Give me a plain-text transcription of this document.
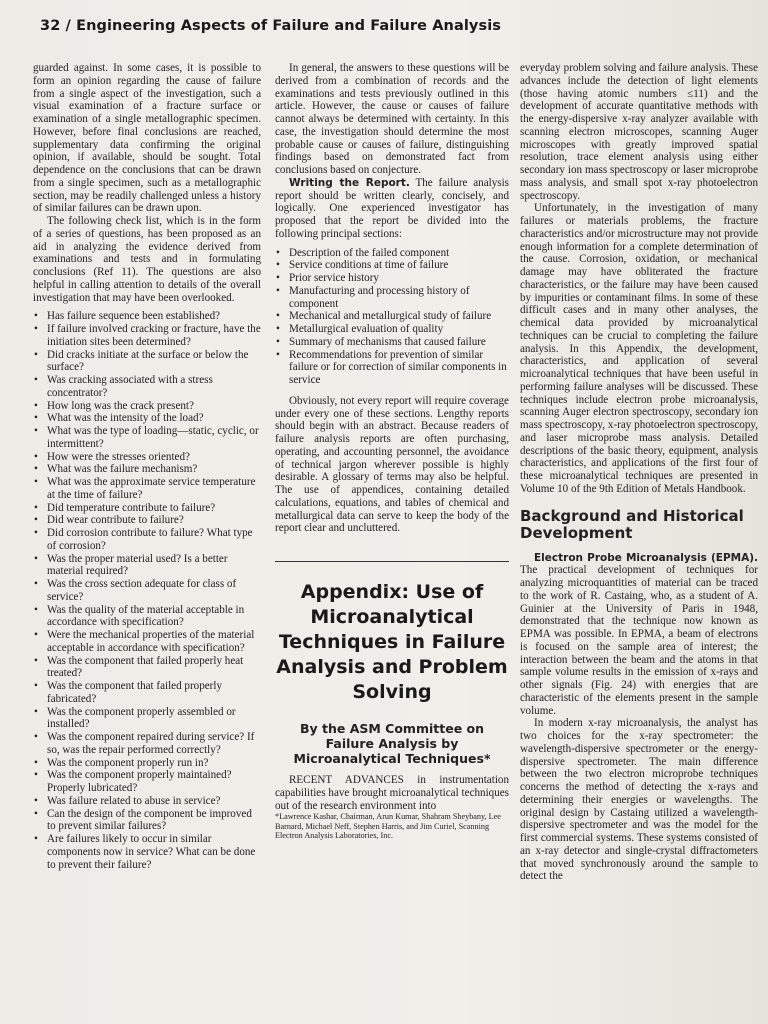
32 / Engineering Aspects of Failure and Failure Analysis

guarded against. In some cases, it is possible to form an opinion regarding the cause of failure from a single aspect of the investigation, such a visual examination of a fracture surface or examination of a single metallographic specimen. However, before final conclusions are reached, supplementary data confirming the original opinion, if available, should be sought. Total dependence on the conclusions that can be drawn from a single specimen, such as a metallographic section, may be readily challenged unless a history of similar failures can be drawn upon.

The following check list, which is in the form of a series of questions, has been proposed as an aid in analyzing the evidence derived from examinations and tests and in formulating conclusions (Ref 11). The questions are also helpful in calling attention to details of the overall investigation that may have been overlooked.

• Has failure sequence been established?
• If failure involved cracking or fracture, have the initiation sites been determined?
• Did cracks initiate at the surface or below the surface?
• Was cracking associated with a stress concentrator?
• How long was the crack present?
• What was the intensity of the load?
• What was the type of loading—static, cyclic, or intermittent?
• How were the stresses oriented?
• What was the failure mechanism?
• What was the approximate service temperature at the time of failure?
• Did temperature contribute to failure?
• Did wear contribute to failure?
• Did corrosion contribute to failure? What type of corrosion?
• Was the proper material used? Is a better material required?
• Was the cross section adequate for class of service?
• Was the quality of the material acceptable in accordance with specification?
• Were the mechanical properties of the material acceptable in accordance with specification?
• Was the component that failed properly heat treated?
• Was the component that failed properly fabricated?
• Was the component properly assembled or installed?
• Was the component repaired during service? If so, was the repair performed correctly?
• Was the component properly run in?
• Was the component properly maintained? Properly lubricated?
• Was failure related to abuse in service?
• Can the design of the component be improved to prevent similar failures?
• Are failures likely to occur in similar components now in service? What can be done to prevent their failure?

In general, the answers to these questions will be derived from a combination of records and the examinations and tests previously outlined in this article. However, the cause or causes of failure cannot always be determined with certainty. In this case, the investigation should determine the most probable cause or causes of failure, distinguishing findings based on demonstrated fact from conclusions based on conjecture.

Writing the Report. The failure analysis report should be written clearly, concisely, and logically. One experienced investigator has proposed that the report be divided into the following principal sections:

• Description of the failed component
• Service conditions at time of failure
• Prior service history
• Manufacturing and processing history of component
• Mechanical and metallurgical study of failure
• Metallurgical evaluation of quality
• Summary of mechanisms that caused failure
• Recommendations for prevention of similar failure or for correction of similar components in service

Obviously, not every report will require coverage under every one of these sections. Lengthy reports should begin with an abstract. Because readers of failure analysis reports are often purchasing, operating, and accounting personnel, the avoidance of technical jargon wherever possible is highly desirable. A glossary of terms may also be helpful. The use of appendices, containing detailed calculations, equations, and tables of chemical and metallurgical data can serve to keep the body of the report clear and uncluttered.

Appendix: Use of Microanalytical Techniques in Failure Analysis and Problem Solving
By the ASM Committee on Failure Analysis by Microanalytical Techniques*

RECENT ADVANCES in instrumentation capabilities have brought microanalytical techniques out of the research environment into

*Lawrence Kashar, Chairman, Arun Kumar, Shahram Sheybany, Lee Barnard, Michael Neff, Stephen Harris, and Jim Curiel, Scanning Electron Analysis Laboratories, Inc.

everyday problem solving and failure analysis. These advances include the detection of light elements (those having atomic numbers ≤11) and the development of accurate quantitative methods with the energy-dispersive x-ray analyzer available with scanning electron microscopes, scanning Auger microscopes with greatly improved spatial resolution, trace element analysis using either secondary ion mass spectroscopy or laser microprobe mass analysis, and small spot x-ray photoelectron spectroscopy.

Unfortunately, in the investigation of many failures or materials problems, the fracture characteristics and/or microstructure may not provide enough information for a complete determination of the cause. Corrosion, oxidation, or mechanical damage may have obliterated the fracture characteristics, or the failure may have been caused by impurities or contaminant films. In some of these difficult cases and in many other analyses, the chemical data provided by microanalytical techniques can be crucial to completing the failure analysis. In this Appendix, the development, characteristics, and application of several microanalytical techniques that have been useful in performing failure analyses will be discussed. These techniques include electron probe microanalysis, scanning Auger electron spectroscopy, secondary ion mass spectroscopy, x-ray photoelectron spectroscopy, and laser microprobe mass analysis. Detailed descriptions of the basic theory, equipment, analysis characteristics, and applications of the first four of these microanalytical techniques are presented in Volume 10 of the 9th Edition of Metals Handbook.

Background and Historical Development

Electron Probe Microanalysis (EPMA). The practical development of techniques for analyzing microquantities of material can be traced to the work of R. Castaing, who, as a student of A. Guinier at the University of Paris in 1948, demonstrated that the technique now known as EPMA was possible. In EPMA, a beam of electrons is focused on the sample area of interest; the interaction between the beam and the atoms in that sample volume results in the emission of x-rays and other signals (Fig. 24) with energies that are characteristic of the elements present in the sample volume.

In modern x-ray microanalysis, the analyst has two choices for the x-ray spectrometer: the wavelength-dispersive spectrometer or the energy-dispersive spectrometer. The main difference between the two electron microprobe techniques concerns the method of detecting the x-rays and determining their energies or wavelengths. The original design by Castaing utilized a wavelength-dispersive spectrometer and was the model for the first commercial systems. These systems consisted of an x-ray detector and single-crystal diffractometers that moved synchronously around the sample to detect the
